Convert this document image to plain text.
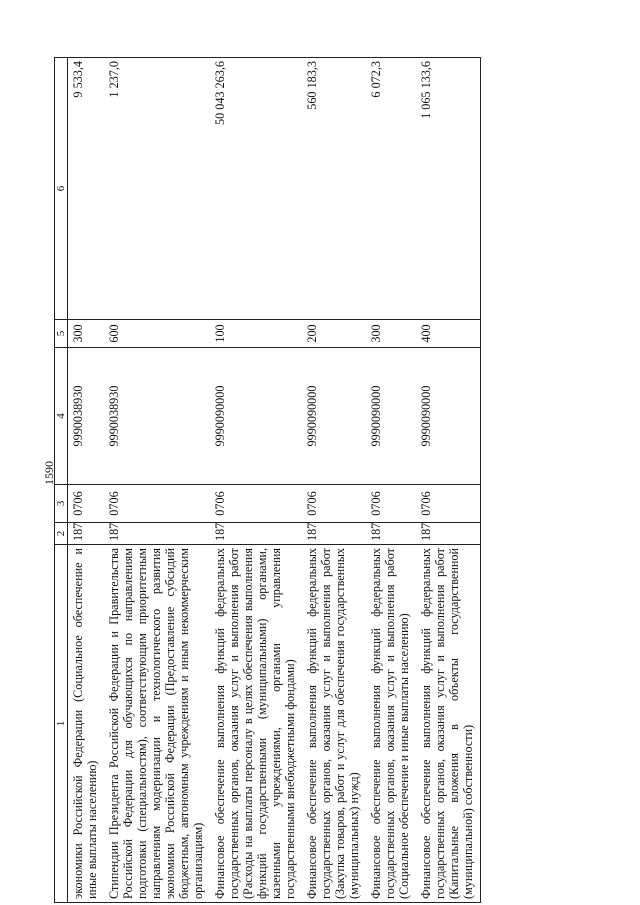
1590
1	2	3	4	5	6
экономики Российской Федерации (Социальное обеспечение и иные выплаты населению)	187	0706	9990038930	300	9 533,4
Стипендии Президента Российской Федерации и Правительства Российской Федерации для обучающихся по направлениям подготовки (специальностям), соответствующим приоритетным направлениям модернизации и технологического развития экономики Российской Федерации (Предоставление субсидий бюджетным, автономным учреждениям и иным некоммерческим организациям)	187	0706	9990038930	600	1 237,0
Финансовое обеспечение выполнения функций федеральных государственных органов, оказания услуг и выполнения работ (Расходы на выплаты персоналу в целях обеспечения выполнения функций государственными (муниципальными) органами, казенными учреждениями, органами управления государственными внебюджетными фондами)	187	0706	9990090000	100	50 043 263,6
Финансовое обеспечение выполнения функций федеральных государственных органов, оказания услуг и выполнения работ (Закупка товаров, работ и услуг для обеспечения государственных (муниципальных) нужд)	187	0706	9990090000	200	560 183,3
Финансовое обеспечение выполнения функций федеральных государственных органов, оказания услуг и выполнения работ (Социальное обеспечение и иные выплаты населению)	187	0706	9990090000	300	6 072,3
Финансовое обеспечение выполнения функций федеральных государственных органов, оказания услуг и выполнения работ (Капитальные вложения в объекты государственной (муниципальной) собственности)	187	0706	9990090000	400	1 065 133,6
